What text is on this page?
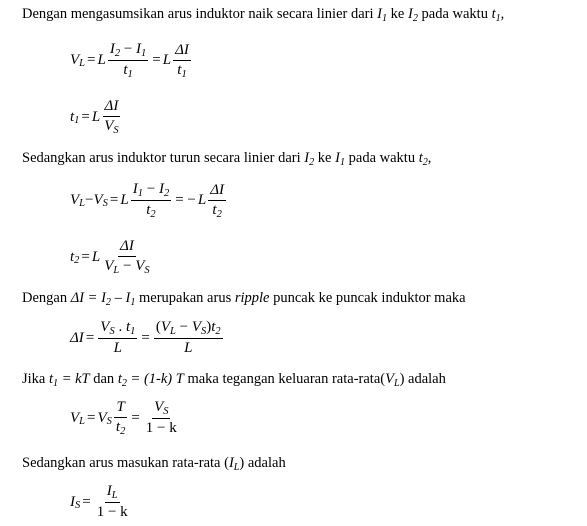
Dengan mengasumsikan arus induktor naik secara linier dari $I_1$ ke $I_2$ pada waktu $t_1$,
V L = L $\frac{I_2 - I_1}{t_1} = L \frac{\Delta I}{t_1}$
t 1 = L $\frac{\Delta I}{V_S}$
Sedangkan arus induktor turun secara linier dari $I_2$ ke $I_1$ pada waktu $t_2$,
V L − V S = L $\frac{I_1 - I_2}{t_2}$ = − L $\frac{\Delta I}{t_2}$
t 2 = L $\frac{\Delta I}{V_L - V_S}$
Dengan $\Delta I = I_2 - I_1$ merupakan arus ripple puncak ke puncak induktor maka
$\Delta I = \frac{V_S . t_1}{L} = \frac{(V_L - V_S)t_2}{L}$
Jika $t_1$ = kT dan $t_2 = (1-k)$ T maka tegangan keluaran rata-$rata(V_L)$ adalah
V L = V S $\frac{T}{t_2} = \frac{V_S}{1 - k}$
Sedangkan arus masukan rata-rata $(I_L)$ adalah
I $S = \frac{I_L}{1 - k}$
